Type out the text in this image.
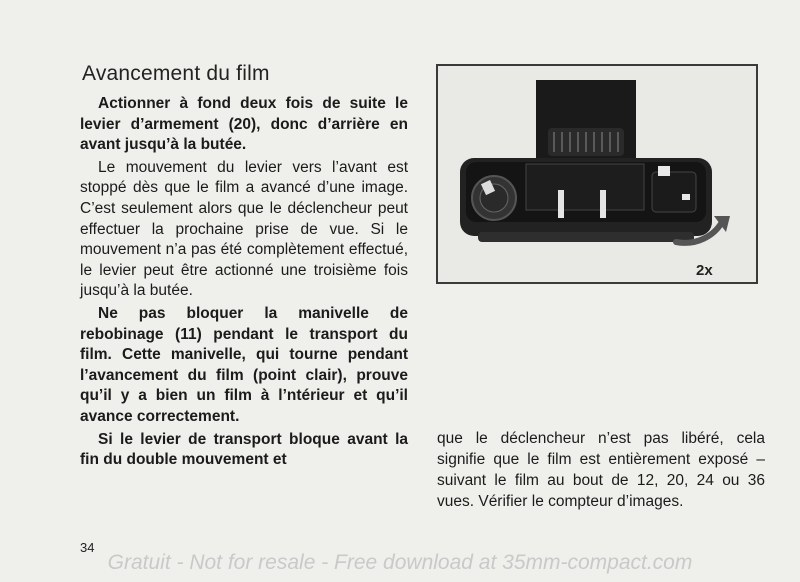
Avancement du film

Actionner à fond deux fois de suite le levier d’armement (20), donc d’arrière en avant jusqu’à la butée.

Le mouvement du levier vers l’avant est stoppé dès que le film a avancé d’une image. C’est seulement alors que le déclencheur peut effectuer la prochaine prise de vue. Si le mouvement n’a pas été complètement effectué, le levier peut être actionné une troisième fois jusqu’à la butée.

Ne pas bloquer la manivelle de rebobinage (11) pendant le transport du film. Cette manivelle, qui tourne pendant l’avancement du film (point clair), prouve qu’il y a bien un film à l’ntérieur et qu’il avance correctement.

Si le levier de transport bloque avant la fin du double mouvement et

2x

que le déclencheur n’est pas libéré, cela signifie que le film est entièrement exposé – suivant le film au bout de 12, 20, 24 ou 36 vues. Vérifier le compteur d’images.

34
Gratuit - Not for resale - Free download at 35mm-compact.com
